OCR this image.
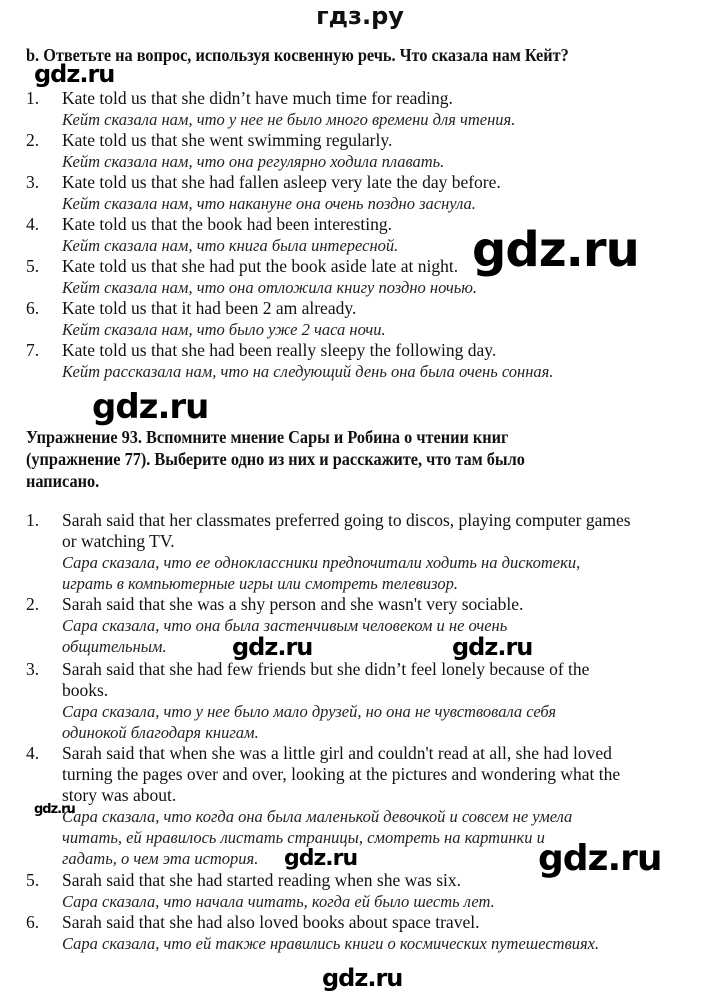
гдз.ру
b. Ответьте на вопрос, используя косвенную речь. Что сказала нам Кейт?
1. Kate told us that she didn’t have much time for reading.
Кейт сказала нам, что у нее не было много времени для чтения.
2. Kate told us that she went swimming regularly.
Кейт сказала нам, что она регулярно ходила плавать.
3. Kate told us that she had fallen asleep very late the day before.
Кейт сказала нам, что накануне она очень поздно заснула.
4. Kate told us that the book had been interesting.
Кейт сказала нам, что книга была интересной.
5. Kate told us that she had put the book aside late at night.
Кейт сказала нам, что она отложила книгу поздно ночью.
6. Kate told us that it had been 2 am already.
Кейт сказала нам, что было уже 2 часа ночи.
7. Kate told us that she had been really sleepy the following day.
Кейт рассказала нам, что на следующий день она была очень сонная.
Упражнение 93. Вспомните мнение Сары и Робина о чтении книг
(упражнение 77). Выберите одно из них и расскажите, что там было
написано.
1. Sarah said that her classmates preferred going to discos, playing computer games
or watching TV.
Сара сказала, что ее одноклассники предпочитали ходить на дискотеки,
играть в компьютерные игры или смотреть телевизор.
2. Sarah said that she was a shy person and she wasn't very sociable.
Сара сказала, что она была застенчивым человеком и не очень
общительным.
3. Sarah said that she had few friends but she didn’t feel lonely because of the
books.
Сара сказала, что у нее было мало друзей, но она не чувствовала себя
одинокой благодаря книгам.
4. Sarah said that when she was a little girl and couldn't read at all, she had loved
turning the pages over and over, looking at the pictures and wondering what the
story was about.
Сара сказала, что когда она была маленькой девочкой и совсем не умела
читать, ей нравилось листать страницы, смотреть на картинки и
гадать, о чем эта история.
5. Sarah said that she had started reading when she was six.
Сара сказала, что начала читать, когда ей было шесть лет.
6. Sarah said that she had also loved books about space travel.
Сара сказала, что ей также нравились книги о космических путешествиях.
gdz.ru
gdz.ru
gdz.ru
gdz.ru	gdz.ru
gdz.ru
gdz.ru	gdz.ru
gdz.ru
